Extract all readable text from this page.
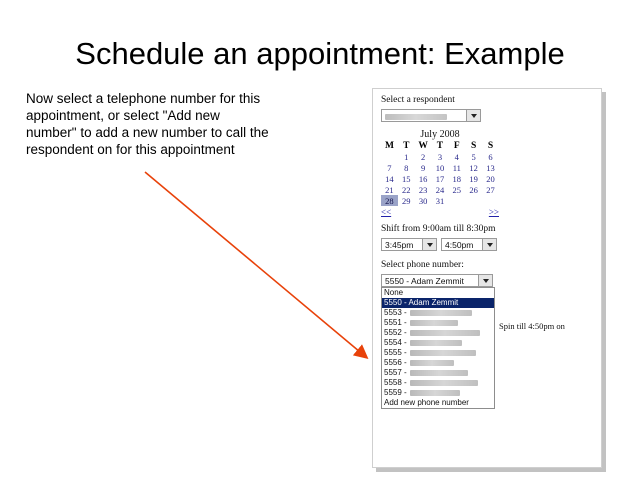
Schedule an appointment: Example
Now select a telephone number for this appointment, or select "Add new number" to add a new number to call the respondent on for this appointment
Select a respondent
July 2008
M	T	W	T	F	S	S
	1	2	3	4	5	6
7	8	9	10	11	12	13
14	15	16	17	18	19	20
21	22	23	24	25	26	27
28	29	30	31			
<<	>>
Shift from 9:00am till 8:30pm
3:45pm	4:50pm
Select phone number:
5550 - Adam Zemmit
None
5550 - Adam Zemmit
5553 -
5551 -
5552 -
5554 -
5555 -
5556 -
5557 -
5558 -
5559 -
Add new phone number
Spin till 4:50pm on
